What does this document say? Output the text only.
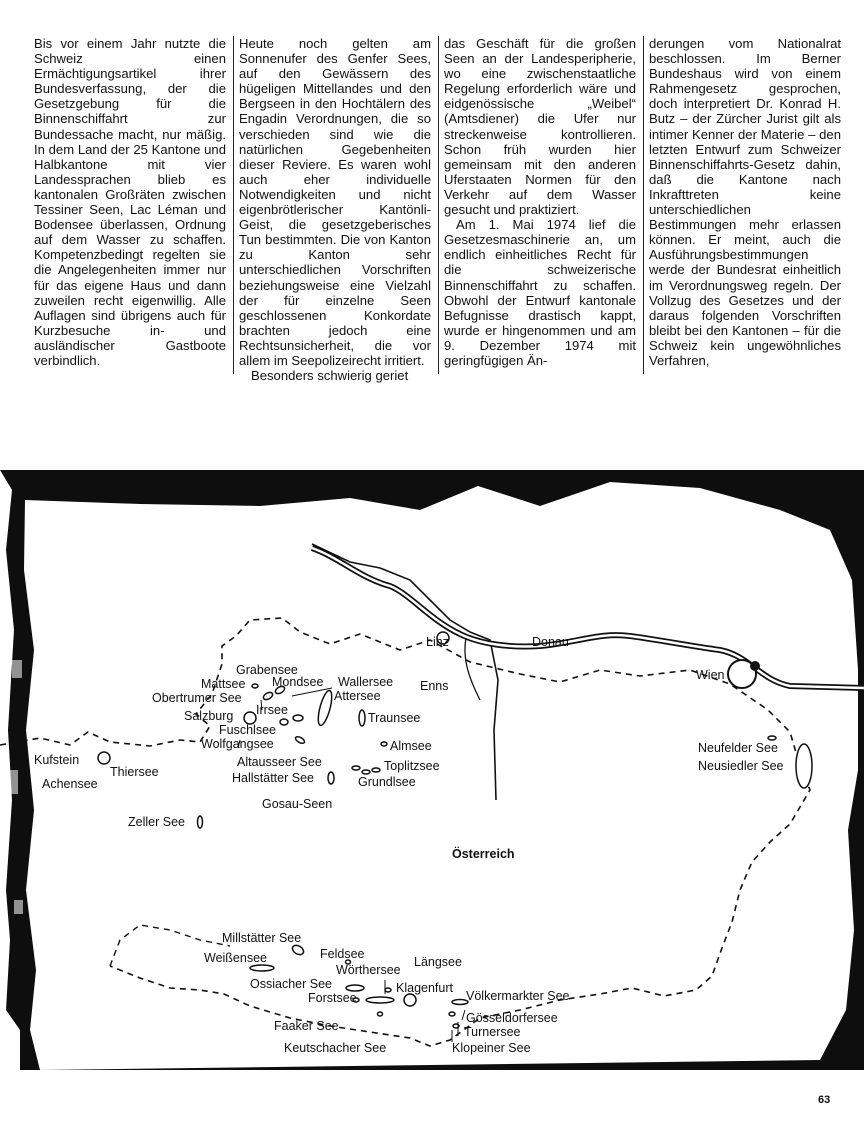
Bis vor einem Jahr nutzte die Schweiz einen Ermächtigungsartikel ihrer Bundesverfassung, der die Gesetzgebung für die Binnenschiffahrt zur Bundessache macht, nur mäßig. In dem Land der 25 Kantone und Halbkantone mit vier Landessprachen blieb es kantonalen Großräten zwischen Tessiner Seen, Lac Léman und Bodensee überlassen, Ordnung auf dem Wasser zu schaffen. Kompetenzbedingt regelten sie die Angelegenheiten immer nur für das eigene Haus und dann zuweilen recht eigenwillig. Alle Auflagen sind übrigens auch für Kurzbesuche in- und ausländischer Gastboote verbindlich.

Heute noch gelten am Sonnenufer des Genfer Sees, auf den Gewässern des hügeligen Mittellandes und den Bergseen in den Hochtälern des Engadin Verordnungen, die so verschieden sind wie die natürlichen Gegebenheiten dieser Reviere. Es waren wohl auch eher individuelle Notwendigkeiten und nicht eigenbrötlerischer Kantönli-Geist, die gesetzgeberisches Tun bestimmten. Die von Kanton zu Kanton sehr unterschiedlichen Vorschriften beziehungsweise eine Vielzahl der für einzelne Seen geschlossenen Konkordate brachten jedoch eine Rechtsunsicherheit, die vor allem im Seepolizeirecht irritiert.

Besonders schwierig geriet

das Geschäft für die großen Seen an der Landesperipherie, wo eine zwischenstaatliche Regelung erforderlich wäre und eidgenössische „Weibel“ (Amtsdiener) die Ufer nur streckenweise kontrollieren. Schon früh wurden hier gemeinsam mit den anderen Uferstaaten Normen für den Verkehr auf dem Wasser gesucht und praktiziert.

Am 1. Mai 1974 lief die Gesetzesmaschinerie an, um endlich einheitliches Recht für die schweizerische Binnenschiffahrt zu schaffen. Obwohl der Entwurf kantonale Befugnisse drastisch kappt, wurde er hingenommen und am 9. Dezember 1974 mit geringfügigen Än-

derungen vom Nationalrat beschlossen. Im Berner Bundeshaus wird von einem Rahmengesetz gesprochen, doch interpretiert Dr. Konrad H. Butz – der Zürcher Jurist gilt als intimer Kenner der Materie – den letzten Entwurf zum Schweizer Binnenschiffahrts-Gesetz dahin, daß die Kantone nach Inkrafttreten keine unterschiedlichen Bestimmungen mehr erlassen können. Er meint, auch die Ausführungsbestimmungen werde der Bundesrat einheitlich im Verordnungsweg regeln. Der Vollzug des Gesetzes und der daraus folgenden Vorschriften bleibt bei den Kantonen – für die Schweiz kein ungewöhnliches Verfahren,

Grabensee
Mattsee
Obertrumer See
Mondsee Wallersee
Attersee
Irrsee
Salzburg	Traunsee
Fuschlsee
Wolfgangsee	Almsee
Kufstein
Thiersee
Achensee
Altausseer See	Toplitzsee
Hallstätter See	Grundlsee
Gosau-Seen
Neufelder See
Neusiedler See
Zeller See
Österreich
Linz	Donau
Wien
Enns
Millstätter See
Feldsee
Weißensee	Längsee
Wörthersee
Ossiacher See	Klagenfurt
Völkermarkter See
Forstsee
Gösseldorfersee
Faaker See	Turnersee
Keutschacher See	Klopeiner See
63
